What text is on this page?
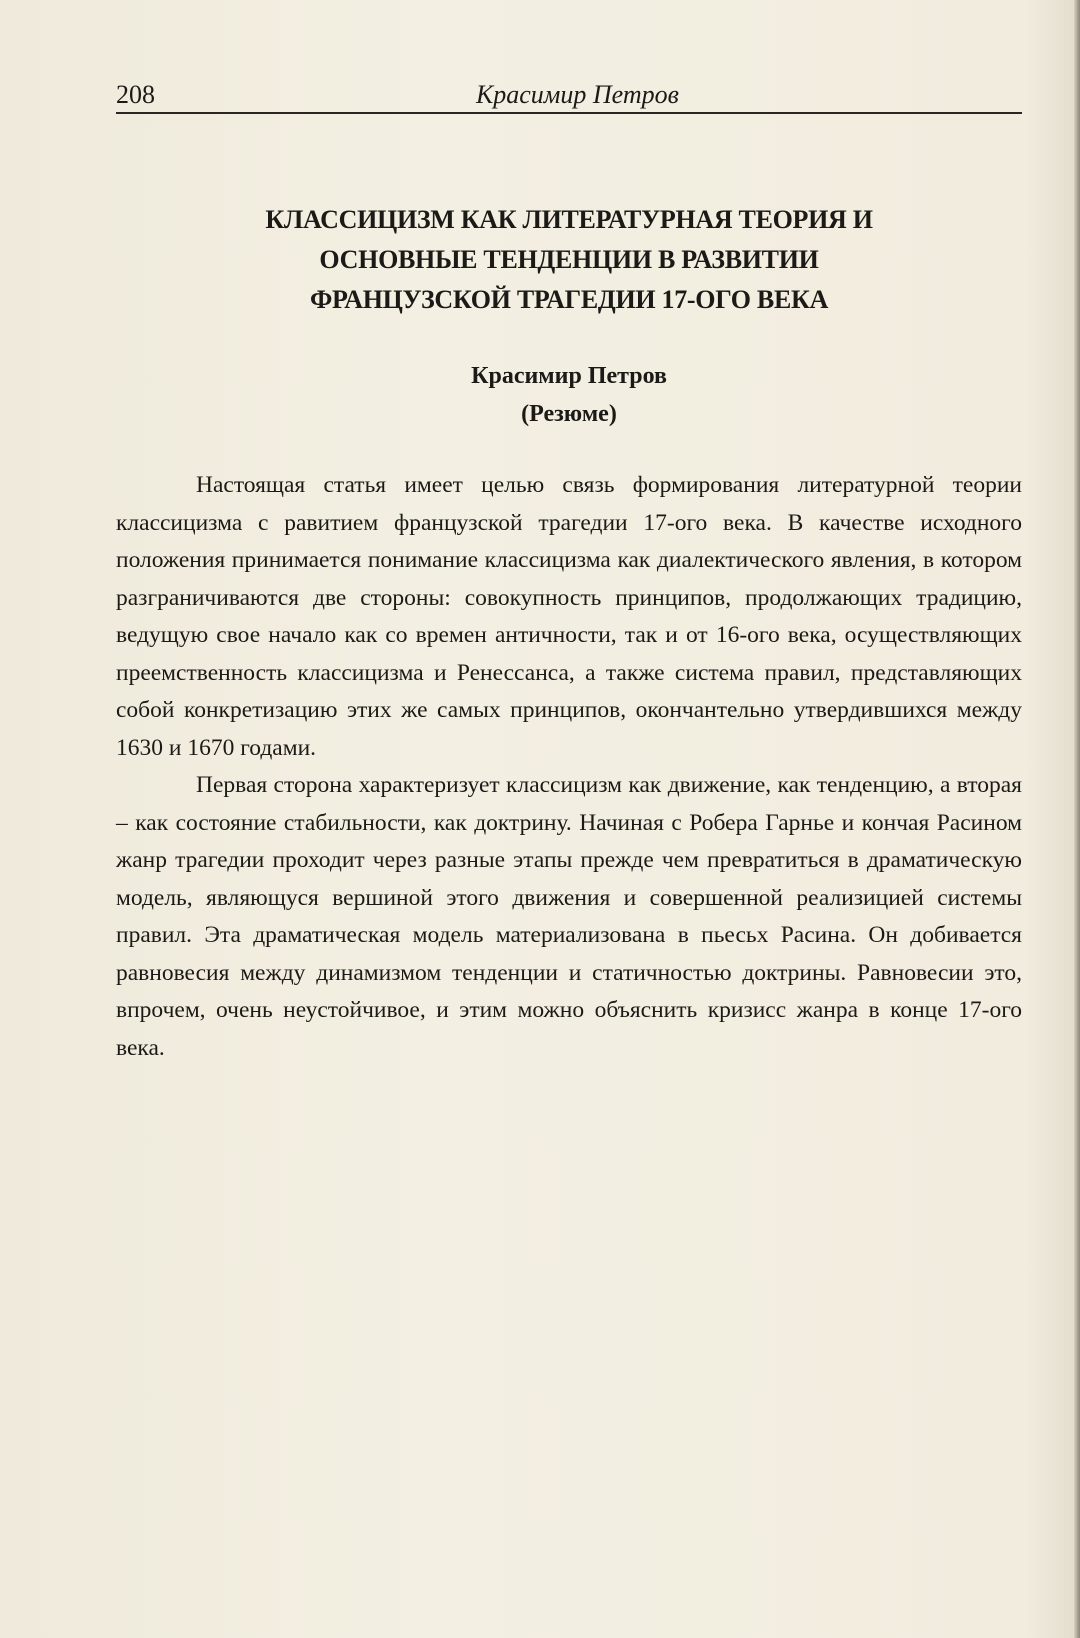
208	Красимир Петров
КЛАССИЦИЗМ КАК ЛИТЕРАТУРНАЯ ТЕОРИЯ И
ОСНОВНЫЕ ТЕНДЕНЦИИ В РАЗВИТИИ
ФРАНЦУЗСКОЙ ТРАГЕДИИ 17-ОГО ВЕКА
Красимир Петров
(Резюме)

Настоящая статья имеет целью связь формирования литературной теории классицизма с равитием французской трагедии 17-ого века. В качестве исходного положения принимается понимание классицизма как диалектического явления, в котором разграничиваются две стороны: совокупность принципов, продолжающих традицию, ведущую свое начало как со времен античности, так и от 16-ого века, осуществляющих преемственность классицизма и Ренессанса, а также система правил, представляющих собой конкретизацию этих же самых принципов, окончантельно утвердившихся между 1630 и 1670 годами.

Первая сторона характеризует классицизм как движение, как тенденцию, а вторая – как состояние стабильности, как доктрину. Начиная с Робера Гарнье и кончая Расином жанр трагедии проходит через разные этапы прежде чем превратиться в драматическую модель, являющуся вершиной этого движения и совершенной реализицией системы правил. Эта драматическая модель материализована в пьесьх Расина. Он добивается равновесия между динамизмом тенденции и статичностью доктрины. Равновесии это, впрочем, очень неустойчивое, и этим можно объяснить кризисс жанра в конце 17-ого века.
